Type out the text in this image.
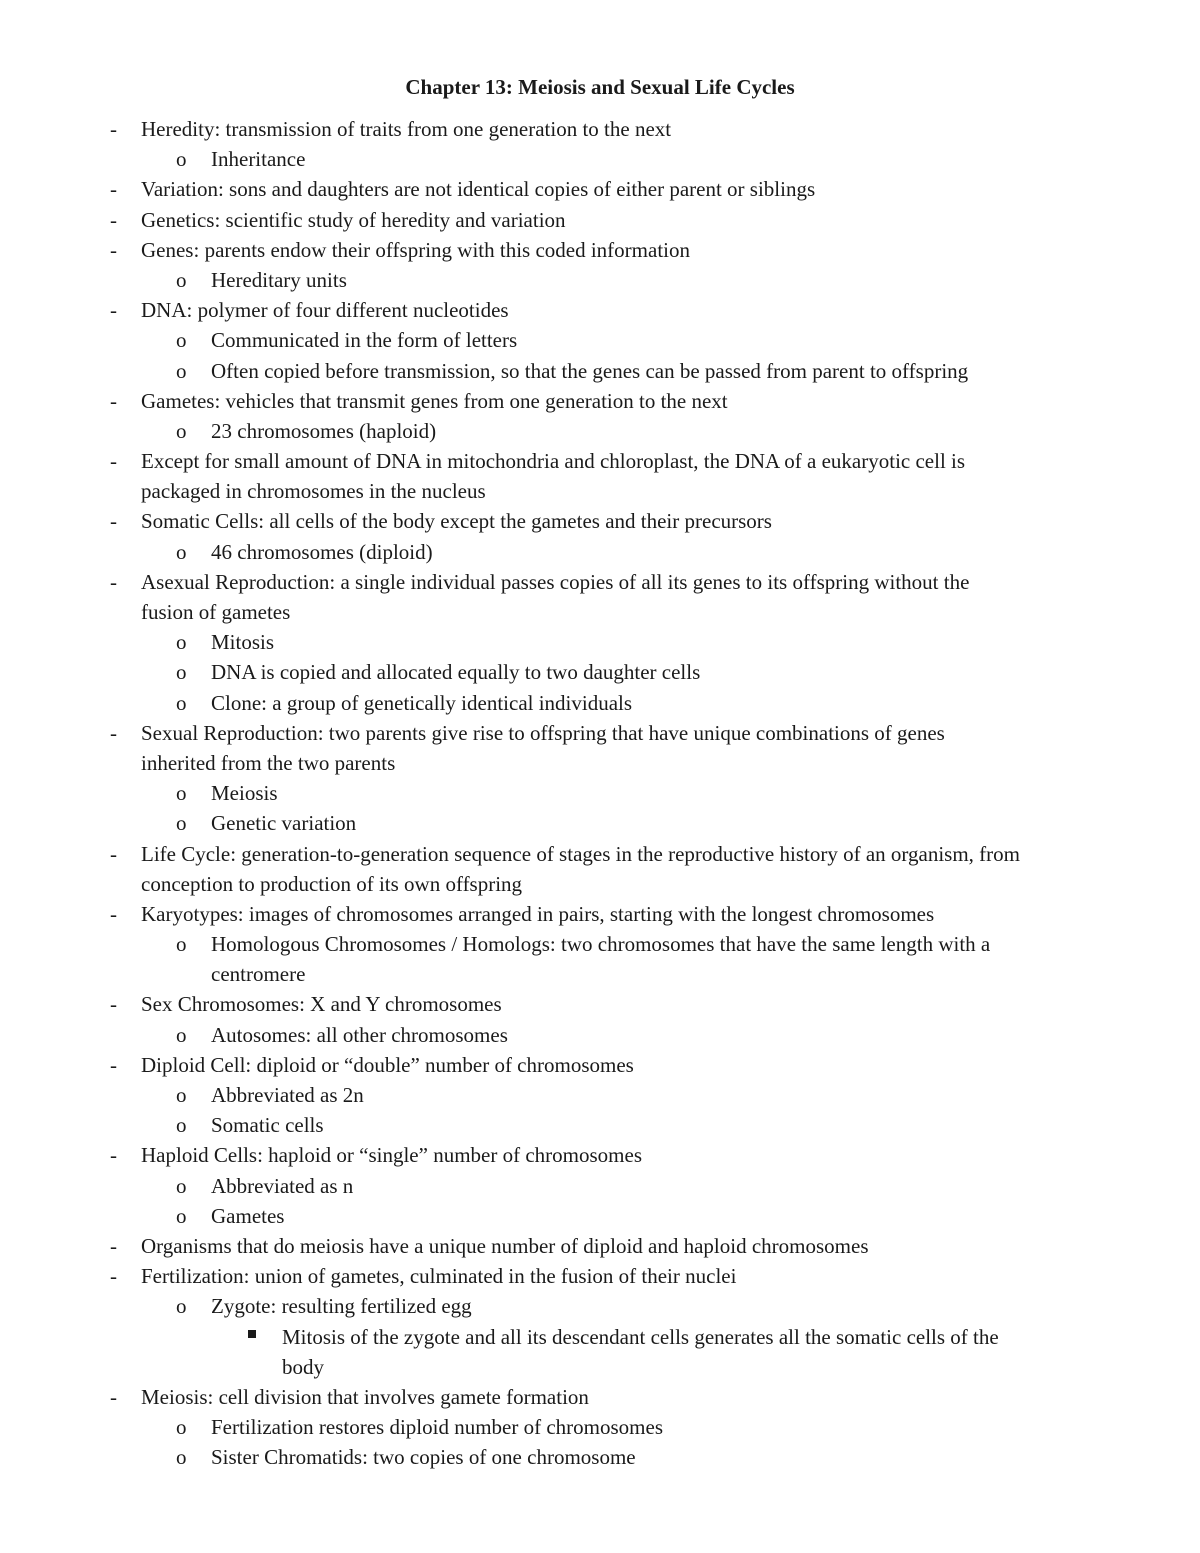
Chapter 13: Meiosis and Sexual Life Cycles
- Heredity: transmission of traits from one generation to the next
o Inheritance
- Variation: sons and daughters are not identical copies of either parent or siblings
- Genetics: scientific study of heredity and variation
- Genes: parents endow their offspring with this coded information
o Hereditary units
- DNA: polymer of four different nucleotides
o Communicated in the form of letters
o Often copied before transmission, so that the genes can be passed from parent to offspring
- Gametes: vehicles that transmit genes from one generation to the next
o 23 chromosomes (haploid)
- Except for small amount of DNA in mitochondria and chloroplast, the DNA of a eukaryotic cell is
packaged in chromosomes in the nucleus
- Somatic Cells: all cells of the body except the gametes and their precursors
o 46 chromosomes (diploid)
- Asexual Reproduction: a single individual passes copies of all its genes to its offspring without the
fusion of gametes
o Mitosis
o DNA is copied and allocated equally to two daughter cells
o Clone: a group of genetically identical individuals
- Sexual Reproduction: two parents give rise to offspring that have unique combinations of genes
inherited from the two parents
o Meiosis
o Genetic variation
- Life Cycle: generation-to-generation sequence of stages in the reproductive history of an organism, from
conception to production of its own offspring
- Karyotypes: images of chromosomes arranged in pairs, starting with the longest chromosomes
o Homologous Chromosomes / Homologs: two chromosomes that have the same length with a
centromere
- Sex Chromosomes: X and Y chromosomes
o Autosomes: all other chromosomes
- Diploid Cell: diploid or “double” number of chromosomes
o Abbreviated as 2n
o Somatic cells
- Haploid Cells: haploid or “single” number of chromosomes
o Abbreviated as n
o Gametes
- Organisms that do meiosis have a unique number of diploid and haploid chromosomes
- Fertilization: union of gametes, culminated in the fusion of their nuclei
o Zygote: resulting fertilized egg
Mitosis of the zygote and all its descendant cells generates all the somatic cells of the
body
- Meiosis: cell division that involves gamete formation
o Fertilization restores diploid number of chromosomes
o Sister Chromatids: two copies of one chromosome
